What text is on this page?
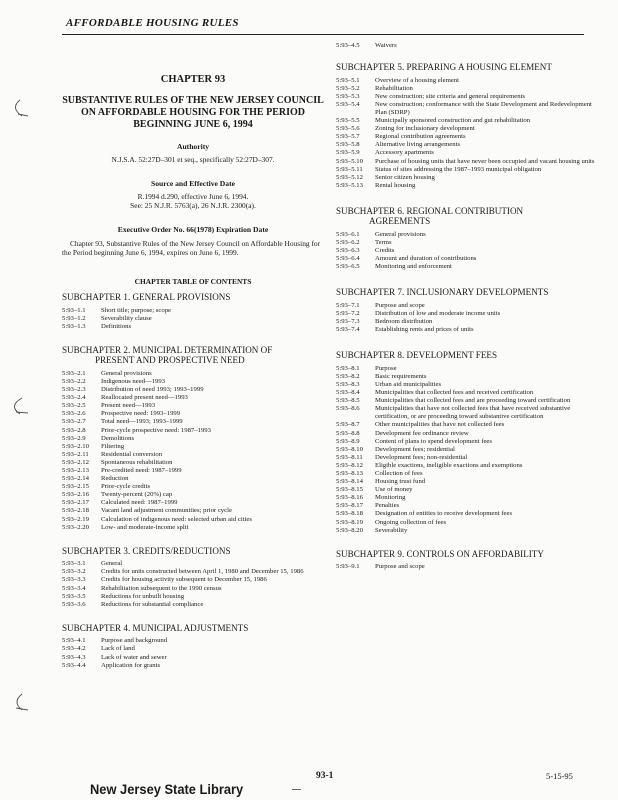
AFFORDABLE HOUSING RULES
CHAPTER 93
SUBSTANTIVE RULES OF THE NEW JERSEY COUNCIL ON AFFORDABLE HOUSING FOR THE PERIOD BEGINNING JUNE 6, 1994
Authority
N.J.S.A. 52:27D–301 et seq., specifically 52:27D–307.
Source and Effective Date
R.1994 d.290, effective June 6, 1994.
See: 25 N.J.R. 5763(a), 26 N.J.R. 2300(a).
Executive Order No. 66(1978) Expiration Date
Chapter 93, Substantive Rules of the New Jersey Council on Affordable Housing for the Period beginning June 6, 1994, expires on June 6, 1999.
CHAPTER TABLE OF CONTENTS
SUBCHAPTER 1. GENERAL PROVISIONS
5:93–1.1	Short title; purpose; scope
5:93–1.2	Severability clause
5:93–1.3	Definitions
SUBCHAPTER 2. MUNICIPAL DETERMINATION OF
PRESENT AND PROSPECTIVE NEED
5:93–2.1	General provisions
5:93–2.2	Indigenous need—1993
5:93–2.3	Distribution of need 1993; 1993–1999
5:93–2.4	Reallocated present need—1993
5:93–2.5	Present need—1993
5:93–2.6	Prospective need: 1993–1999
5:93–2.7	Total need—1993; 1993–1999
5:93–2.8	Prior-cycle prospective need: 1987–1993
5:93–2.9	Demolitions
5:93–2.10	Filtering
5:93–2.11	Residential conversion
5:93–2.12	Spontaneous rehabilitation
5:93–2.13	Pre-credited need: 1987–1999
5:93–2.14	Reduction
5:93–2.15	Prior-cycle credits
5:93–2.16	Twenty-percent (20%) cap
5:93–2.17	Calculated need: 1987–1999
5:93–2.18	Vacant land adjustment communities; prior cycle
5:93–2.19	Calculation of indigenous need: selected urban aid cities
5:93–2.20	Low- and moderate-income split
SUBCHAPTER 3. CREDITS/REDUCTIONS
5:93–3.1	General
5:93–3.2	Credits for units constructed between April 1, 1980 and December 15, 1986
5:93–3.3	Credits for housing activity subsequent to December 15, 1986
5:93–3.4	Rehabilitation subsequent to the 1990 census
5:93–3.5	Reductions for unbuilt housing
5:93–3.6	Reductions for substantial compliance
SUBCHAPTER 4. MUNICIPAL ADJUSTMENTS
5:93–4.1	Purpose and background
5:93–4.2	Lack of land
5:93–4.3	Lack of water and sewer
5:93–4.4	Application for grants
5:93–4.5	Waivers
SUBCHAPTER 5. PREPARING A HOUSING ELEMENT
5:93–5.1	Overview of a housing element
5:93–5.2	Rehabilitation
5:93–5.3	New construction; site criteria and general requirements
5:93–5.4	New construction; conformance with the State Development and Redevelopment Plan (SDRP)
5:93–5.5	Municipally sponsored construction and gut rehabilitation
5:93–5.6	Zoning for inclusionary development
5:93–5.7	Regional contribution agreements
5:93–5.8	Alternative living arrangements
5:93–5.9	Accessory apartments
5:93–5.10	Purchase of housing units that have never been occupied and vacant housing units
5:93–5.11	Status of sites addressing the 1987–1993 municipal obligation
5:93–5.12	Senior citizen housing
5:93–5.13	Rental housing
SUBCHAPTER 6. REGIONAL CONTRIBUTION
AGREEMENTS
5:93–6.1	General provisions
5:93–6.2	Terms
5:93–6.3	Credits
5:93–6.4	Amount and duration of contributions
5:93–6.5	Monitoring and enforcement
SUBCHAPTER 7. INCLUSIONARY DEVELOPMENTS
5:93–7.1	Purpose and scope
5:93–7.2	Distribution of low and moderate income units
5:93–7.3	Bedroom distribution
5:93–7.4	Establishing rents and prices of units
SUBCHAPTER 8. DEVELOPMENT FEES
5:93–8.1	Purpose
5:93–8.2	Basic requirements
5:93–8.3	Urban aid municipalities
5:93–8.4	Municipalities that collected fees and received certification
5:93–8.5	Municipalities that collected fees and are proceeding toward certification
5:93–8.6	Municipalities that have not collected fees that have received substantive certification, or are proceeding toward substantive certification
5:93–8.7	Other municipalities that have not collected fees
5:93–8.8	Development fee ordinance review
5:93–8.9	Content of plans to spend development fees
5:93–8.10	Development fees; residential
5:93–8.11	Development fees; non-residential
5:93–8.12	Eligible exactions, ineligible exactions and exemptions
5:93–8.13	Collection of fees
5:93–8.14	Housing trust fund
5:93–8.15	Use of money
5:93–8.16	Monitoring
5:93–8.17	Penalties
5:93–8.18	Designation of entities to receive development fees
5:93–8.19	Ongoing collection of fees
5:93–8.20	Severability
SUBCHAPTER 9. CONTROLS ON AFFORDABILITY
5:93–9.1	Purpose and scope
93-1	5-15-95
New Jersey State Library
